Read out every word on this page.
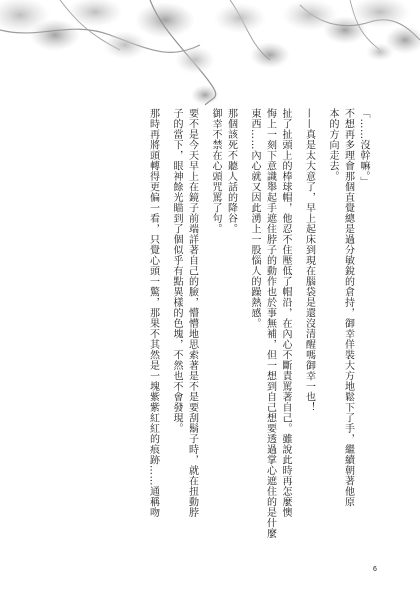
「……沒幹嘛。」
不想再多理會那個直覺總是過分敏銳的倉持，御幸佯裝大方地鬆下了手，繼續朝著他原
本的方向走去。
——真是太大意了，早上起床到現在腦袋是還沒清醒嗎御幸一也！
扯了扯頭上的棒球帽，他忍不住壓低了帽沿，在內心不斷責罵著自己。雖說此時再怎麼懊
悔上一刻下意識舉起手遮住脖子的動作也於事無補，但一想到自己想要透過掌心遮住的是什麼
東西……內心就又因此湧上一股惱人的躁熱感。
那個該死不聽人話的降谷。
御幸不禁在心頭咒罵了句。
要不是今天早上在鏡子前端詳著自己的臉，懵懵地思索著是不是要刮鬍子時，就在扭動脖
子的當下，眼神餘光瞄到了個似乎有點異樣的色塊，不然也不會發現。
那時再將頭轉得更偏一看，只覺心頭一驚，那果不其然是一塊紫紫紅紅的痕跡……通稱吻
6
